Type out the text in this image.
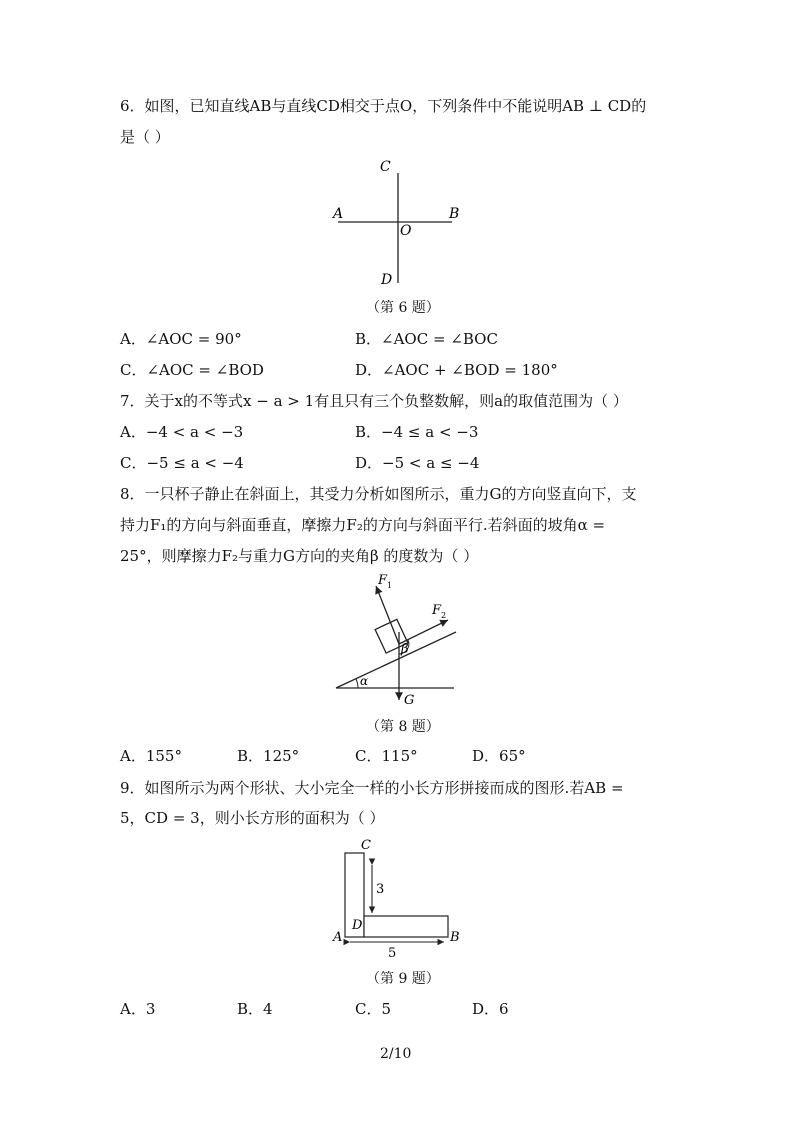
6．如图，已知直线AB与直线CD相交于点O，下列条件中不能说明AB ⊥ CD的
是（ ）
C
A	B
O
D
（第 6 题）
A．∠AOC = 90°	B．∠AOC = ∠BOC
C．∠AOC = ∠BOD	D．∠AOC + ∠BOD = 180°
7．关于x的不等式x − a > 1有且只有三个负整数解，则a的取值范围为（ ）
A．−4 < a < −3	B．−4 ≤ a < −3
C．−5 ≤ a < −4	D．−5 < a ≤ −4
8．一只杯子静止在斜面上，其受力分析如图所示，重力G的方向竖直向下，支
持力F₁的方向与斜面垂直，摩擦力F₂的方向与斜面平行.若斜面的坡角α =
25°，则摩擦力F₂与重力G方向的夹角β 的度数为（ ）
F 1
F 2
β
α
G
（第 8 题）
A．155°	B．125°	C．115°	D．65°
9．如图所示为两个形状、大小完全一样的小长方形拼接而成的图形.若AB =
5，CD = 3，则小长方形的面积为（ ）
C
3
D
A
5
B
（第 9 题）
A．3	B．4	C．5	D．6
2/10
